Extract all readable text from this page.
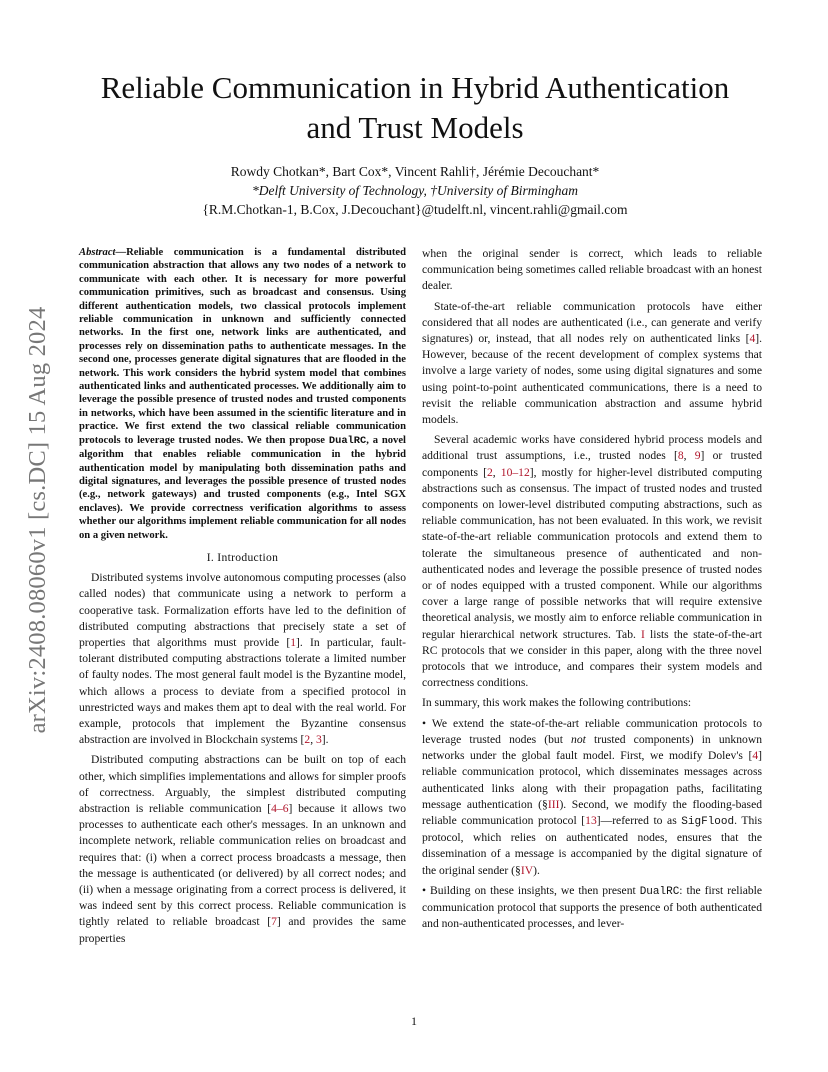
arXiv:2408.08060v1 [cs.DC] 15 Aug 2024
Reliable Communication in Hybrid Authentication
and Trust Models
Rowdy Chotkan*, Bart Cox*, Vincent Rahli†, Jérémie Decouchant*
*Delft University of Technology, †University of Birmingham
{R.M.Chotkan-1, B.Cox, J.Decouchant}@tudelft.nl, vincent.rahli@gmail.com
Abstract—Reliable communication is a fundamental distributed communication abstraction that allows any two nodes of a network to communicate with each other. It is necessary for more powerful communication primitives, such as broadcast and consensus. Using different authentication models, two classical protocols implement reliable communication in unknown and sufficiently connected networks. In the first one, network links are authenticated, and processes rely on dissemination paths to authenticate messages. In the second one, processes generate digital signatures that are flooded in the network. This work considers the hybrid system model that combines authenticated links and authenticated processes. We additionally aim to leverage the possible presence of trusted nodes and trusted components in networks, which have been assumed in the scientific literature and in practice. We first extend the two classical reliable communication protocols to leverage trusted nodes. We then propose DualRC, a novel algorithm that enables reliable communication in the hybrid authentication model by manipulating both dissemination paths and digital signatures, and leverages the possible presence of trusted nodes (e.g., network gateways) and trusted components (e.g., Intel SGX enclaves). We provide correctness verification algorithms to assess whether our algorithms implement reliable communication for all nodes on a given network.
I. Introduction

Distributed systems involve autonomous computing processes (also called nodes) that communicate using a network to perform a cooperative task. Formalization efforts have led to the definition of distributed computing abstractions that precisely state a set of properties that algorithms must provide [1]. In particular, fault-tolerant distributed computing abstractions tolerate a limited number of faulty nodes. The most general fault model is the Byzantine model, which allows a process to deviate from a specified protocol in unrestricted ways and makes them apt to deal with the real world. For example, protocols that implement the Byzantine consensus abstraction are involved in Blockchain systems [2, 3].

Distributed computing abstractions can be built on top of each other, which simplifies implementations and allows for simpler proofs of correctness. Arguably, the simplest distributed computing abstraction is reliable communication [4–6] because it allows two processes to authenticate each other's messages. In an unknown and incomplete network, reliable communication relies on broadcast and requires that: (i) when a correct process broadcasts a message, then the message is authenticated (or delivered) by all correct nodes; and (ii) when a message originating from a correct process is delivered, it was indeed sent by this correct process. Reliable communication is tightly related to reliable broadcast [7] and provides the same properties

when the original sender is correct, which leads to reliable communication being sometimes called reliable broadcast with an honest dealer.

State-of-the-art reliable communication protocols have either considered that all nodes are authenticated (i.e., can generate and verify signatures) or, instead, that all nodes rely on authenticated links [4]. However, because of the recent development of complex systems that involve a large variety of nodes, some using digital signatures and some using point-to-point authenticated communications, there is a need to revisit the reliable communication abstraction and assume hybrid models.

Several academic works have considered hybrid process models and additional trust assumptions, i.e., trusted nodes [8, 9] or trusted components [2, 10–12], mostly for higher-level distributed computing abstractions such as consensus. The impact of trusted nodes and trusted components on lower-level distributed computing abstractions, such as reliable communication, has not been evaluated. In this work, we revisit state-of-the-art reliable communication protocols and extend them to tolerate the simultaneous presence of authenticated and non-authenticated nodes and leverage the possible presence of trusted nodes or of nodes equipped with a trusted component. While our algorithms cover a large range of possible networks that will require extensive theoretical analysis, we mostly aim to enforce reliable communication in regular hierarchical network structures. Tab. I lists the state-of-the-art RC protocols that we consider in this paper, along with the three novel protocols that we introduce, and compares their system models and correctness conditions.

In summary, this work makes the following contributions:

• We extend the state-of-the-art reliable communication protocols to leverage trusted nodes (but not trusted components) in unknown networks under the global fault model. First, we modify Dolev's [4] reliable communication protocol, which disseminates messages across authenticated links along with their propagation paths, facilitating message authentication (§III). Second, we modify the flooding-based reliable communication protocol [13]—referred to as SigFlood. This protocol, which relies on authenticated nodes, ensures that the dissemination of a message is accompanied by the digital signature of the original sender (§IV).

• Building on these insights, we then present DualRC: the first reliable communication protocol that supports the presence of both authenticated and non-authenticated processes, and lever-

1
